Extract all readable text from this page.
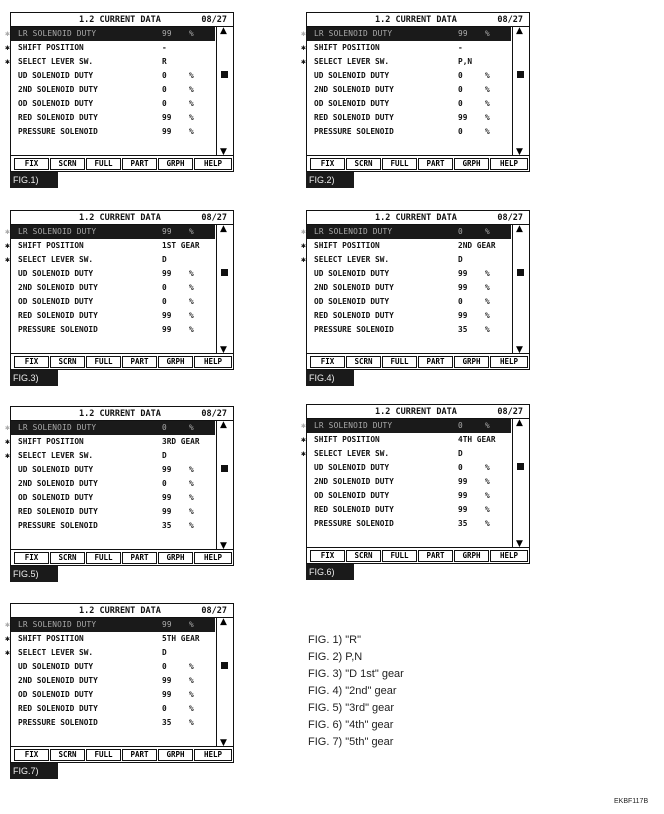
1.2 CURRENT DATA	08/27
✱ LR SOLENOID DUTY	99 %
✱ SHIFT POSITION	-
✱ SELECT LEVER SW.	R
UD SOLENOID DUTY	0	%
2ND SOLENOID DUTY	0	%
OD SOLENOID DUTY	0	%
RED SOLENOID DUTY	99 %
PRESSURE SOLENOID	99 %
▲
▼
FIX	SCRN	FULL	PART	GRPH	HELP
FIG.1)
1.2 CURRENT DATA	08/27
✱ LR SOLENOID DUTY	99 %
✱ SHIFT POSITION	-
✱ SELECT LEVER SW.	P,N
UD SOLENOID DUTY	0	%
2ND SOLENOID DUTY	0	%
OD SOLENOID DUTY	0	%
RED SOLENOID DUTY	99 %
PRESSURE SOLENOID	0	%
▲
▼
FIX	SCRN	FULL	PART	GRPH	HELP
FIG.2)
1.2 CURRENT DATA	08/27
✱ LR SOLENOID DUTY	99 %
✱ SHIFT POSITION	1ST GEAR
✱ SELECT LEVER SW.	D
UD SOLENOID DUTY	99 %
2ND SOLENOID DUTY	0	%
OD SOLENOID DUTY	0	%
RED SOLENOID DUTY	99 %
PRESSURE SOLENOID	99 %
▲
▼
FIX	SCRN	FULL	PART	GRPH	HELP
FIG.3)
1.2 CURRENT DATA	08/27
✱ LR SOLENOID DUTY	0	%
✱ SHIFT POSITION	2ND GEAR
✱ SELECT LEVER SW.	D
UD SOLENOID DUTY	99 %
2ND SOLENOID DUTY	99 %
OD SOLENOID DUTY	0	%
RED SOLENOID DUTY	99 %
PRESSURE SOLENOID	35 %
▲
▼
FIX	SCRN	FULL	PART	GRPH	HELP
FIG.4)
1.2 CURRENT DATA	08/27
✱ LR SOLENOID DUTY	0	%
✱ SHIFT POSITION	3RD GEAR
✱ SELECT LEVER SW.	D
UD SOLENOID DUTY	99 %
2ND SOLENOID DUTY	0	%
OD SOLENOID DUTY	99 %
RED SOLENOID DUTY	99 %
PRESSURE SOLENOID	35 %
▲
▼
FIX	SCRN	FULL	PART	GRPH	HELP
FIG.5)
1.2 CURRENT DATA	08/27
✱ LR SOLENOID DUTY	0	%
✱ SHIFT POSITION	4TH GEAR
✱ SELECT LEVER SW.	D
UD SOLENOID DUTY	0	%
2ND SOLENOID DUTY	99 %
OD SOLENOID DUTY	99 %
RED SOLENOID DUTY	99 %
PRESSURE SOLENOID	35 %
▲
▼
FIX	SCRN	FULL	PART	GRPH	HELP
FIG.6)
1.2 CURRENT DATA	08/27
✱ LR SOLENOID DUTY	99 %
✱ SHIFT POSITION	5TH GEAR
✱ SELECT LEVER SW.	D
UD SOLENOID DUTY	0	%
2ND SOLENOID DUTY	99 %
OD SOLENOID DUTY	99 %
RED SOLENOID DUTY	0	%
PRESSURE SOLENOID	35 %
▲
▼
FIX	SCRN	FULL	PART	GRPH	HELP
FIG.7)
FIG. 1) "R"
FIG. 2) P,N
FIG. 3) "D 1st" gear
FIG. 4) "2nd" gear
FIG. 5) "3rd" gear
FIG. 6) "4th" gear
FIG. 7) "5th" gear
EKBF117B
